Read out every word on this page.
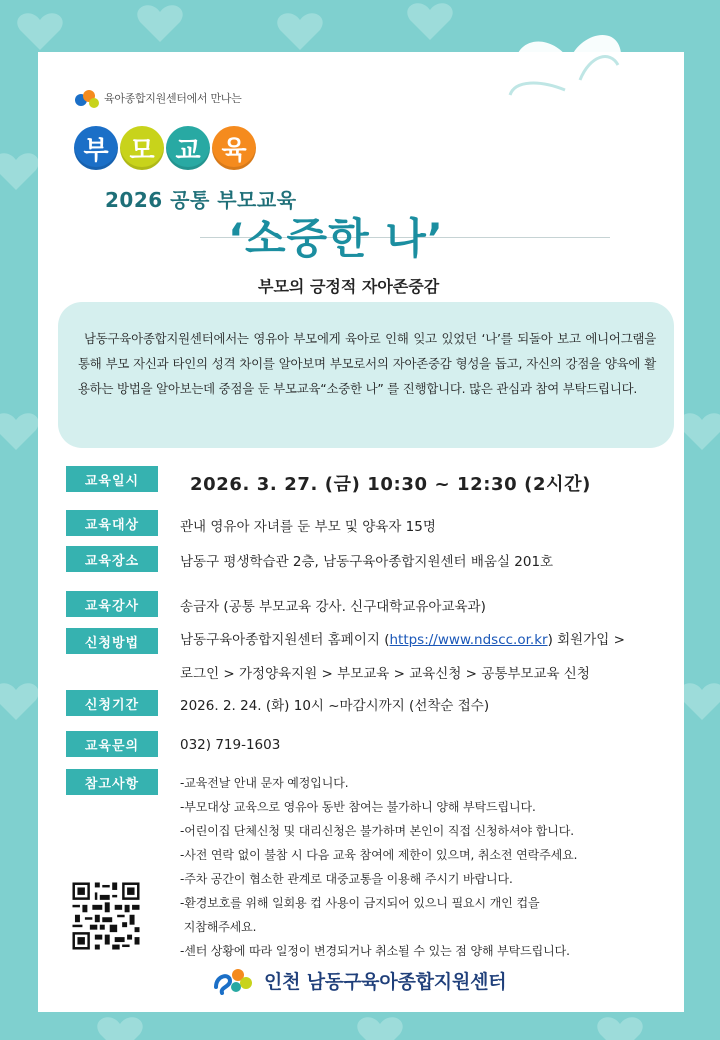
육아종합지원센터에서 만나는
부 모 교 육
2026 공통 부모교육
‘소중한 나’
부모의 긍정적 자아존중감
남동구육아종합지원센터에서는 영유아 부모에게 육아로 인해 잊고 있었던 ‘나’를 되돌아 보고 에니어그램을 통해 부모 자신과 타인의 성격 차이를 알아보며 부모로서의 자아존중감 형성을 돕고, 자신의 강점을 양육에 활용하는 방법을 알아보는데 중점을 둔 부모교육“소중한 나” 를 진행합니다. 많은 관심과 참여 부탁드립니다.
교육일시	2026. 3. 27. (금) 10:30 ~ 12:30 (2시간)
교육대상	관내 영유아 자녀를 둔 부모 및 양육자 15명
교육장소	남동구 평생학습관 2층, 남동구육아종합지원센터 배움실 201호
교육강사	송금자 (공통 부모교육 강사. 신구대학교유아교육과)
신청방법	남동구육아종합지원센터 홈페이지 (https://www.ndscc.or.kr) 회원가입 >
로그인 > 가정양육지원 > 부모교육 > 교육신청 > 공통부모교육 신청
신청기간	2026. 2. 24. (화) 10시 ~마감시까지 (선착순 접수)
교육문의	032) 719-1603
참고사항	-교육전날 안내 문자 예정입니다.
-부모대상 교육으로 영유아 동반 참여는 불가하니 양해 부탁드립니다.
-어린이집 단체신청 및 대리신청은 불가하며 본인이 직접 신청하셔야 합니다.
-사전 연락 없이 불참 시 다음 교육 참여에 제한이 있으며, 취소전 연락주세요.
-주차 공간이 협소한 관계로 대중교통을 이용해 주시기 바랍니다.
-환경보호를 위해 일회용 컵 사용이 금지되어 있으니 필요시 개인 컵을
지참해주세요.
-센터 상황에 따라 일정이 변경되거나 취소될 수 있는 점 양해 부탁드립니다.
인천 남동구육아종합지원센터
